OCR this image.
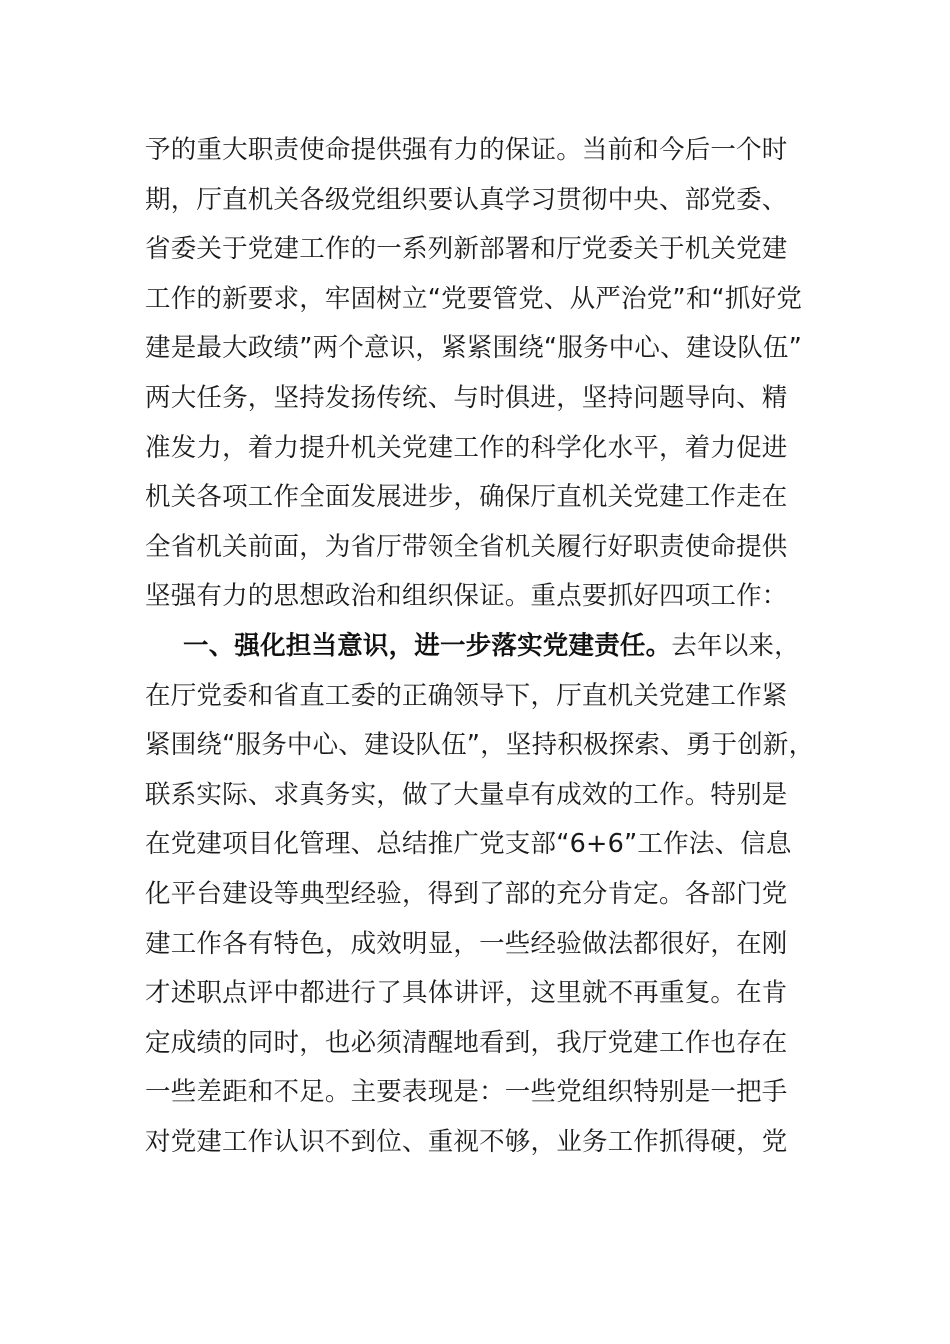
予的重大职责使命提供强有力的保证。当前和今后一个时
期，厅直机关各级党组织要认真学习贯彻中央、部党委、
省委关于党建工作的一系列新部署和厅党委关于机关党建
工作的新要求，牢固树立“党要管党、从严治党”和“抓好党
建是最大政绩”两个意识，紧紧围绕“服务中心、建设队伍”
两大任务，坚持发扬传统、与时俱进，坚持问题导向、精
准发力，着力提升机关党建工作的科学化水平，着力促进
机关各项工作全面发展进步，确保厅直机关党建工作走在
全省机关前面，为省厅带领全省机关履行好职责使命提供
坚强有力的思想政治和组织保证。重点要抓好四项工作：
一、强化担当意识，进一步落实党建责任。去年以来，
在厅党委和省直工委的正确领导下，厅直机关党建工作紧
紧围绕“服务中心、建设队伍”，坚持积极探索、勇于创新，
联系实际、求真务实，做了大量卓有成效的工作。特别是
在党建项目化管理、总结推广党支部“6+6”工作法、信息
化平台建设等典型经验，得到了部的充分肯定。各部门党
建工作各有特色，成效明显，一些经验做法都很好，在刚
才述职点评中都进行了具体讲评，这里就不再重复。在肯
定成绩的同时，也必须清醒地看到，我厅党建工作也存在
一些差距和不足。主要表现是：一些党组织特别是一把手
对党建工作认识不到位、重视不够，业务工作抓得硬，党
